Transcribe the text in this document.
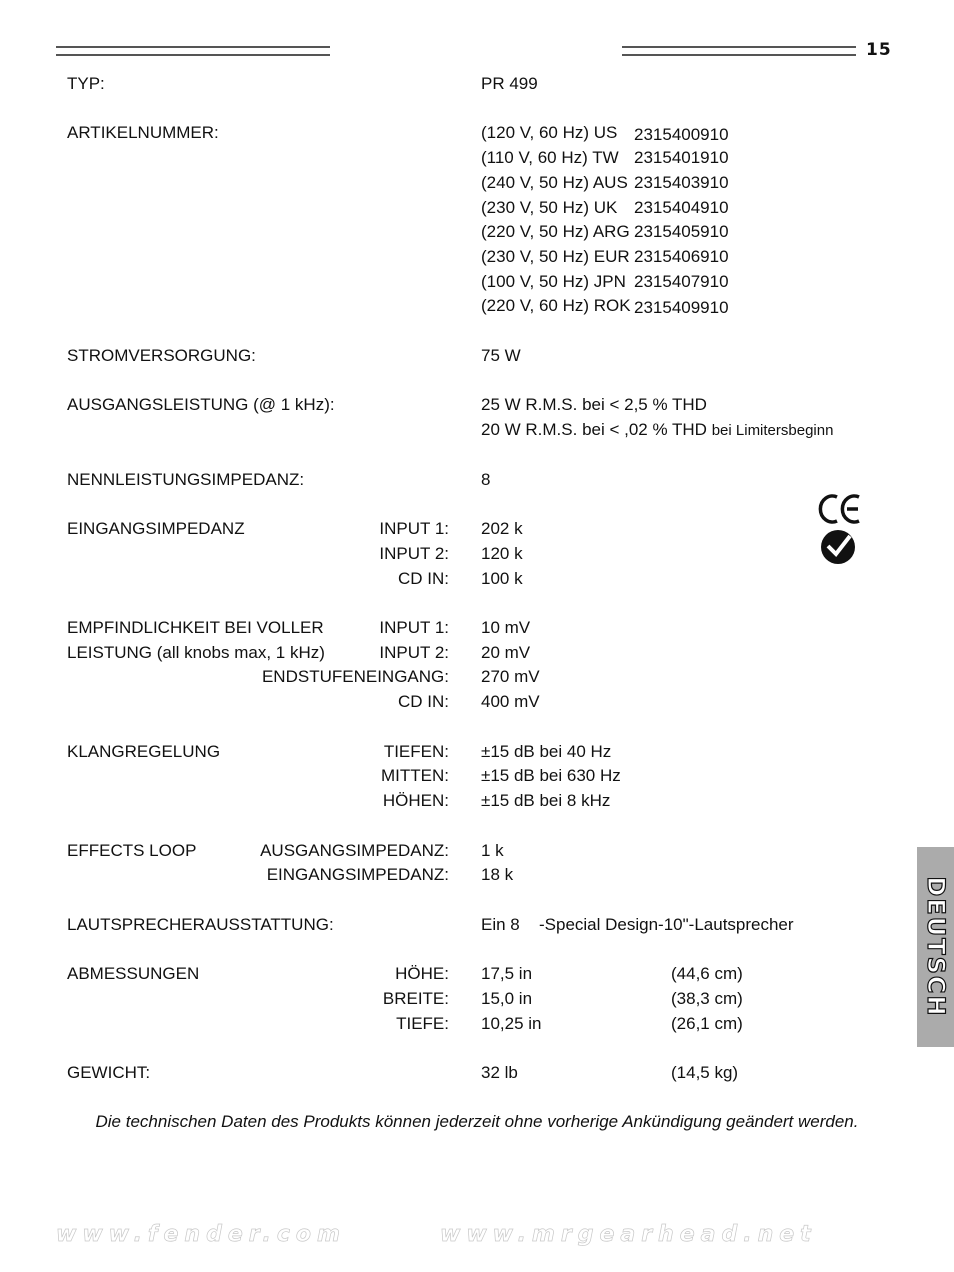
15
TYP:	PR 499
ARTIKELNUMMER:	(120 V, 60 Hz) US 2315400910
(110 V, 60 Hz) TW 2315401910
(240 V, 50 Hz) AUS 2315403910
(230 V, 50 Hz) UK 2315404910
(220 V, 50 Hz) ARG 2315405910
(230 V, 50 Hz) EUR 2315406910
(100 V, 50 Hz) JPN 2315407910
(220 V, 60 Hz) ROK 2315409910
STROMVERSORGUNG:	75 W
AUSGANGSLEISTUNG (@ 1 kHz):	25 W R.M.S. bei < 2,5 % THD
20 W R.M.S. bei < ,02 % THD bei Limitersbeginn
NENNLEISTUNGSIMPEDANZ:	8
EINGANGSIMPEDANZ	INPUT 1: 202 k
INPUT 2: 120 k
CD IN: 100 k
EMPFINDLICHKEIT BEI VOLLER
LEISTUNG (all knobs max, 1 kHz)
INPUT 1: 10 mV
INPUT 2: 20 mV
ENDSTUFENEINGANG: 270 mV
CD IN: 400 mV
KLANGREGELUNG	TIEFEN: ±15 dB bei 40 Hz
MITTEN: ±15 dB bei 630 Hz
HÖHEN: ±15 dB bei 8 kHz
EFFECTS LOOP	AUSGANGSIMPEDANZ: 1 k
EINGANGSIMPEDANZ: 18 k
LAUTSPRECHERAUSSTATTUNG:	Ein 8 -Special Design-10"-Lautsprecher
ABMESSUNGEN	HÖHE: 17,5 in	(44,6 cm)
BREITE: 15,0 in	(38,3 cm)
TIEFE: 10,25 in	(26,1 cm)
GEWICHT:	32 lb	(14,5 kg)
DEUTSCH
Die technischen Daten des Produkts können jederzeit ohne vorherige Ankündigung geändert werden.
www.fender.com	www.mrgearhead.net
